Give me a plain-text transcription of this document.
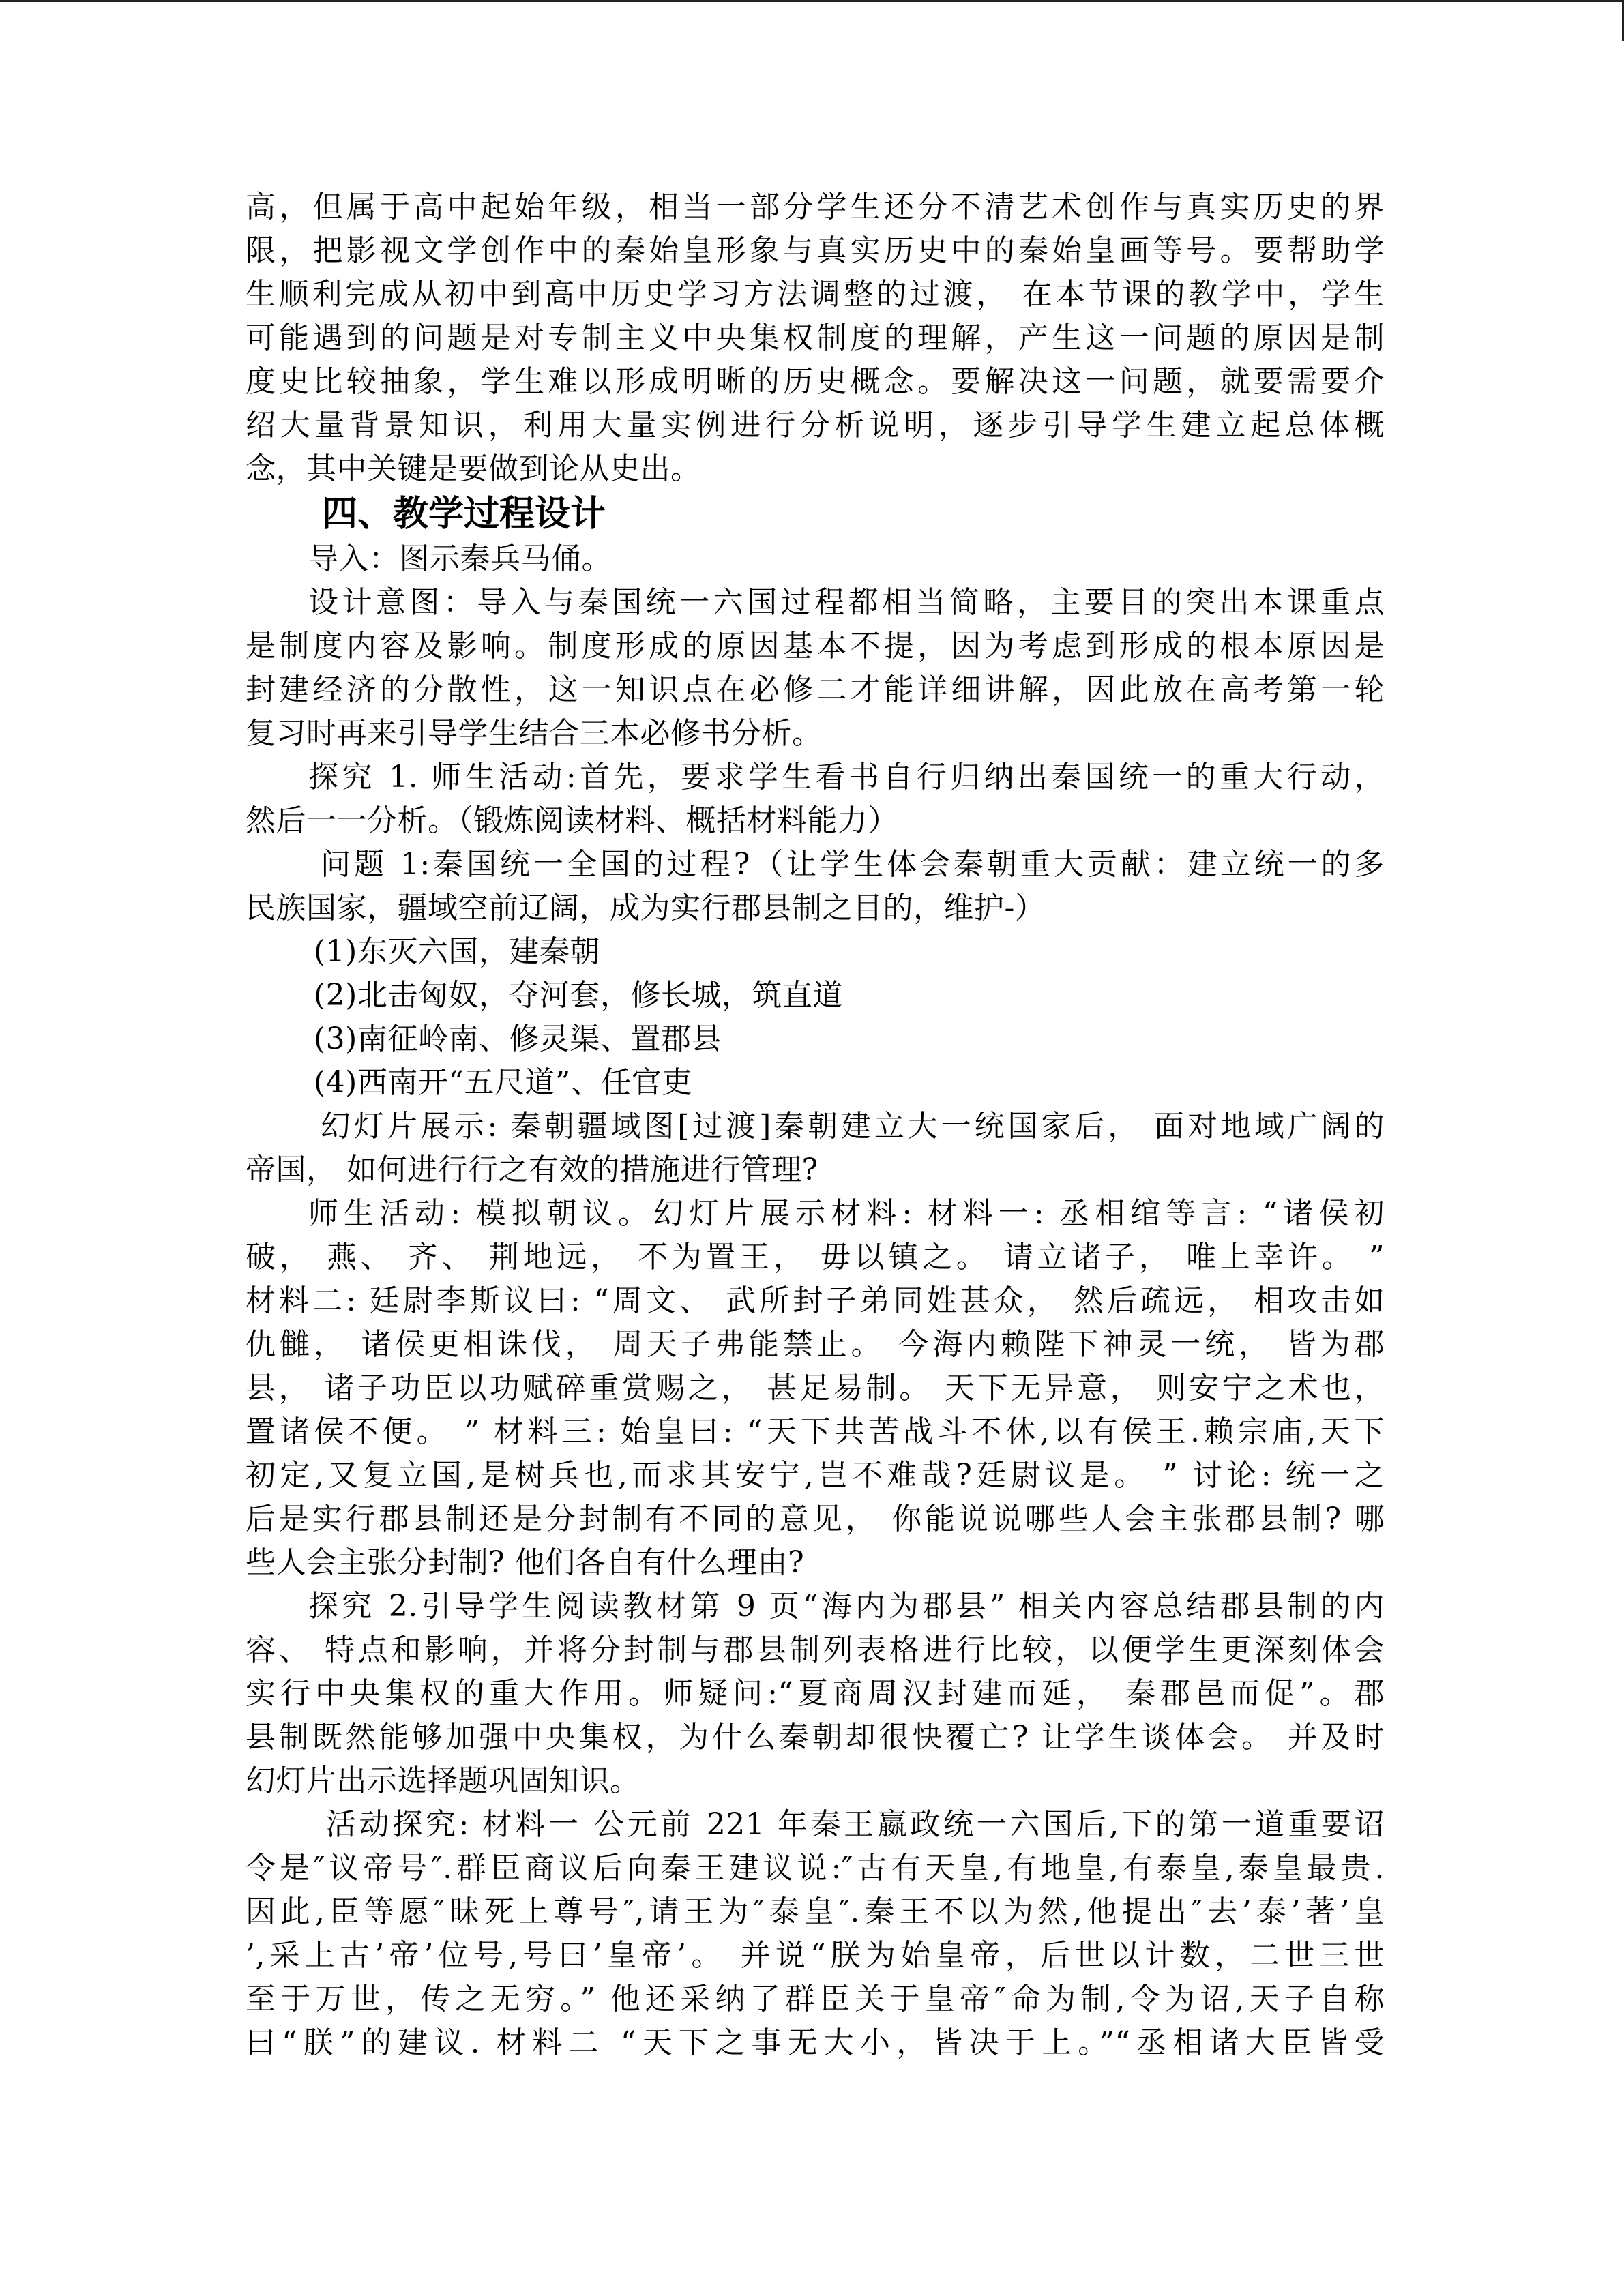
高，但属于高中起始年级，相当一部分学生还分不清艺术创作与真实历史的界
限，把影视文学创作中的秦始皇形象与真实历史中的秦始皇画等号。要帮助学
生顺利完成从初中到高中历史学习方法调整的过渡， 在本节课的教学中，学生
可能遇到的问题是对专制主义中央集权制度的理解，产生这一问题的原因是制
度史比较抽象，学生难以形成明晰的历史概念。要解决这一问题，就要需要介
绍大量背景知识，利用大量实例进行分析说明，逐步引导学生建立起总体概
念，其中关键是要做到论从史出。
四、教学过程设计
导入：图示秦兵马俑。
设计意图：导入与秦国统一六国过程都相当简略，主要目的突出本课重点
是制度内容及影响。制度形成的原因基本不提，因为考虑到形成的根本原因是
封建经济的分散性，这一知识点在必修二才能详细讲解，因此放在高考第一轮
复习时再来引导学生结合三本必修书分析。
探究 1. 师生活动:首先，要求学生看书自行归纳出秦国统一的重大行动，
然后一一分析。（锻炼阅读材料、概括材料能力）
问题 1:秦国统一全国的过程?（让学生体会秦朝重大贡献：建立统一的多
民族国家，疆域空前辽阔，成为实行郡县制之目的，维护-）
(1)东灭六国，建秦朝
(2)北击匈奴，夺河套，修长城，筑直道
(3)南征岭南、修灵渠、置郡县
(4)西南开“五尺道”、任官吏
幻灯片展示: 秦朝疆域图[过渡]秦朝建立大一统国家后， 面对地域广阔的
帝国， 如何进行行之有效的措施进行管理?
师生活动: 模拟朝议。幻灯片展示材料: 材料一: 丞相绾等言: “诸侯初
破， 燕、 齐、 荆地远， 不为置王， 毋以镇之。 请立诸子， 唯上幸许。 ”
材料二: 廷尉李斯议曰: “周文、 武所封子弟同姓甚众， 然后疏远， 相攻击如
仇雠， 诸侯更相诛伐， 周天子弗能禁止。 今海内赖陛下神灵一统， 皆为郡
县， 诸子功臣以功赋碎重赏赐之， 甚足易制。 天下无异意， 则安宁之术也，
置诸侯不便。 ” 材料三: 始皇曰: “天下共苦战斗不休,以有侯王.赖宗庙,天下
初定,又复立国,是树兵也,而求其安宁,岂不难哉?廷尉议是。 ” 讨论: 统一之
后是实行郡县制还是分封制有不同的意见， 你能说说哪些人会主张郡县制? 哪
些人会主张分封制? 他们各自有什么理由?
探究 2.引导学生阅读教材第 9 页“海内为郡县” 相关内容总结郡县制的内
容、 特点和影响，并将分封制与郡县制列表格进行比较，以便学生更深刻体会
实行中央集权的重大作用。师疑问:“夏商周汉封建而延， 秦郡邑而促”。郡
县制既然能够加强中央集权，为什么秦朝却很快覆亡? 让学生谈体会。 并及时
幻灯片出示选择题巩固知识。
活动探究: 材料一 公元前 221 年秦王嬴政统一六国后,下的第一道重要诏
令是″议帝号″.群臣商议后向秦王建议说:″古有天皇,有地皇,有泰皇,泰皇最贵.
因此,臣等愿″昧死上尊号″,请王为″泰皇″.秦王不以为然,他提出″去’泰’著’皇
’,采上古’帝’位号,号曰’皇帝’。 并说“朕为始皇帝，后世以计数，二世三世
至于万世，传之无穷。” 他还采纳了群臣关于皇帝″命为制,令为诏,天子自称
曰“朕”的建议. 材料二 “天下之事无大小，皆决于上。”“丞相诸大臣皆受
